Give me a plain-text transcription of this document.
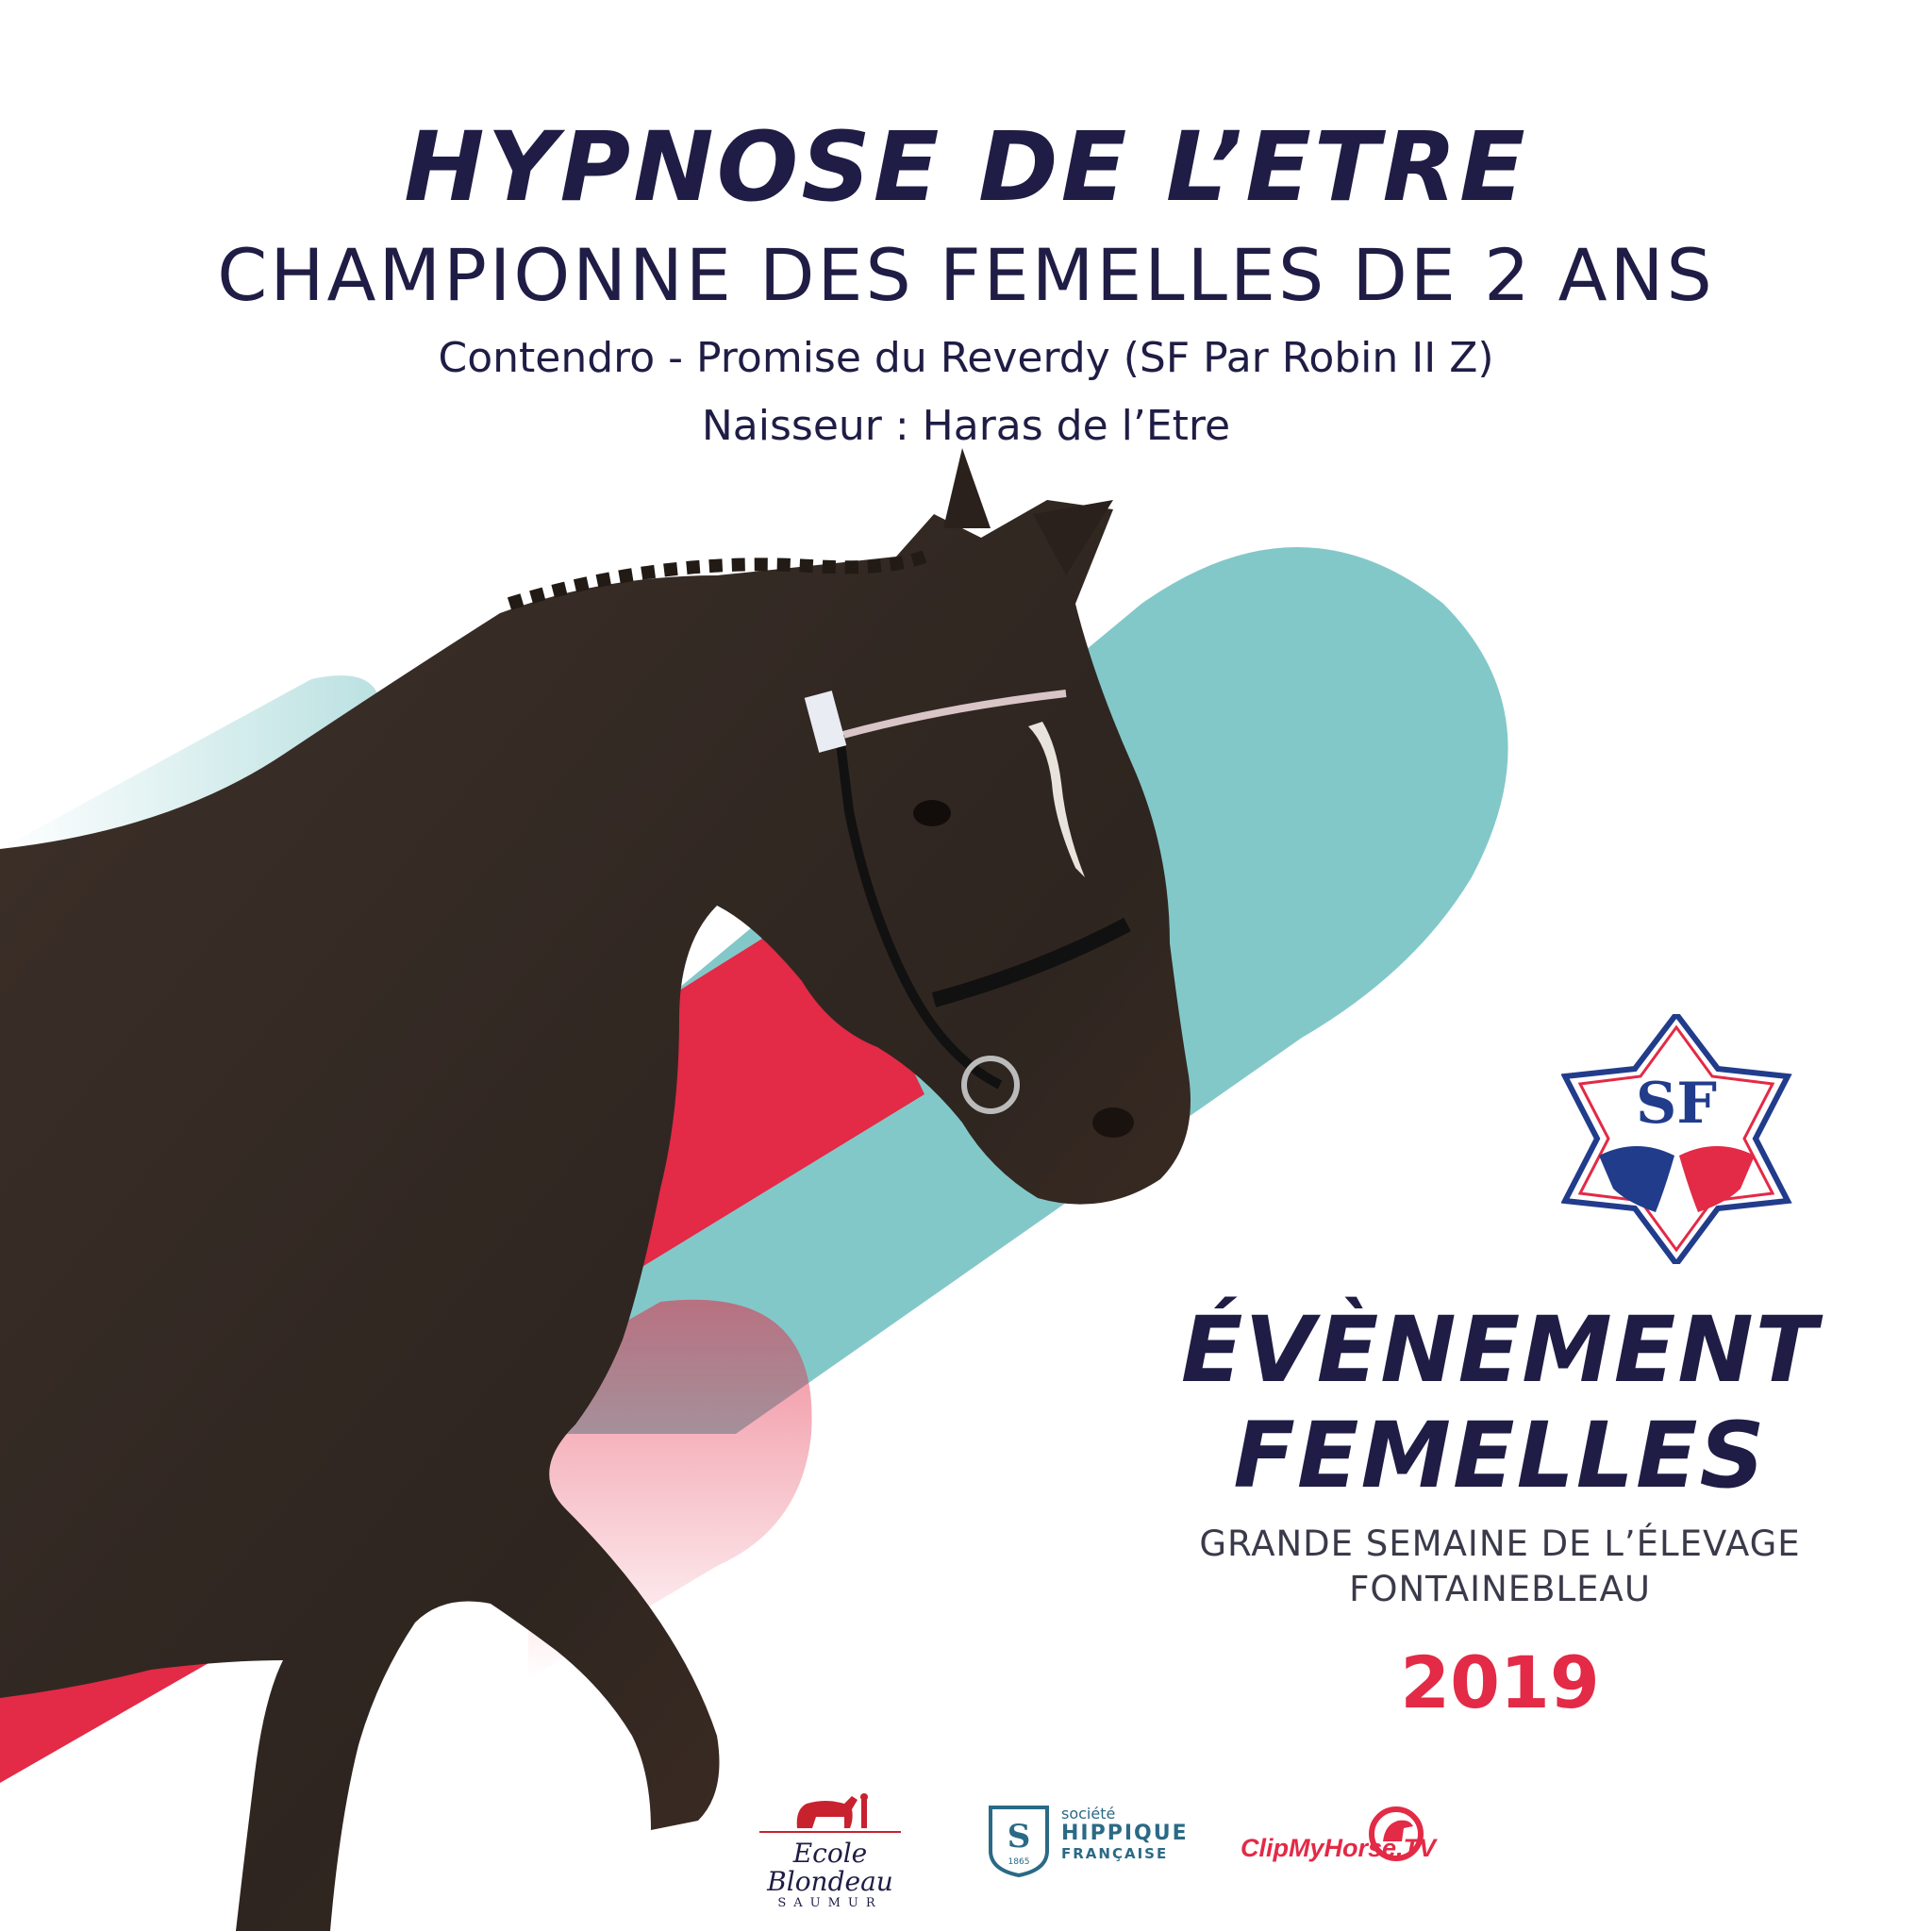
HYPNOSE DE L’ETRE
CHAMPIONNE DES FEMELLES DE 2 ANS
Contendro - Promise du Reverdy (SF Par Robin II Z)
Naisseur : Haras de l’Etre
SF
ÉVÈNEMENT
FEMELLES
GRANDE SEMAINE DE L’ÉLEVAGE
FONTAINEBLEAU
2019
Ecole Blondeau
SAUMUR
S
1865
société
HIPPIQUE
FRANÇAISE	ClipMyHorse.TV
